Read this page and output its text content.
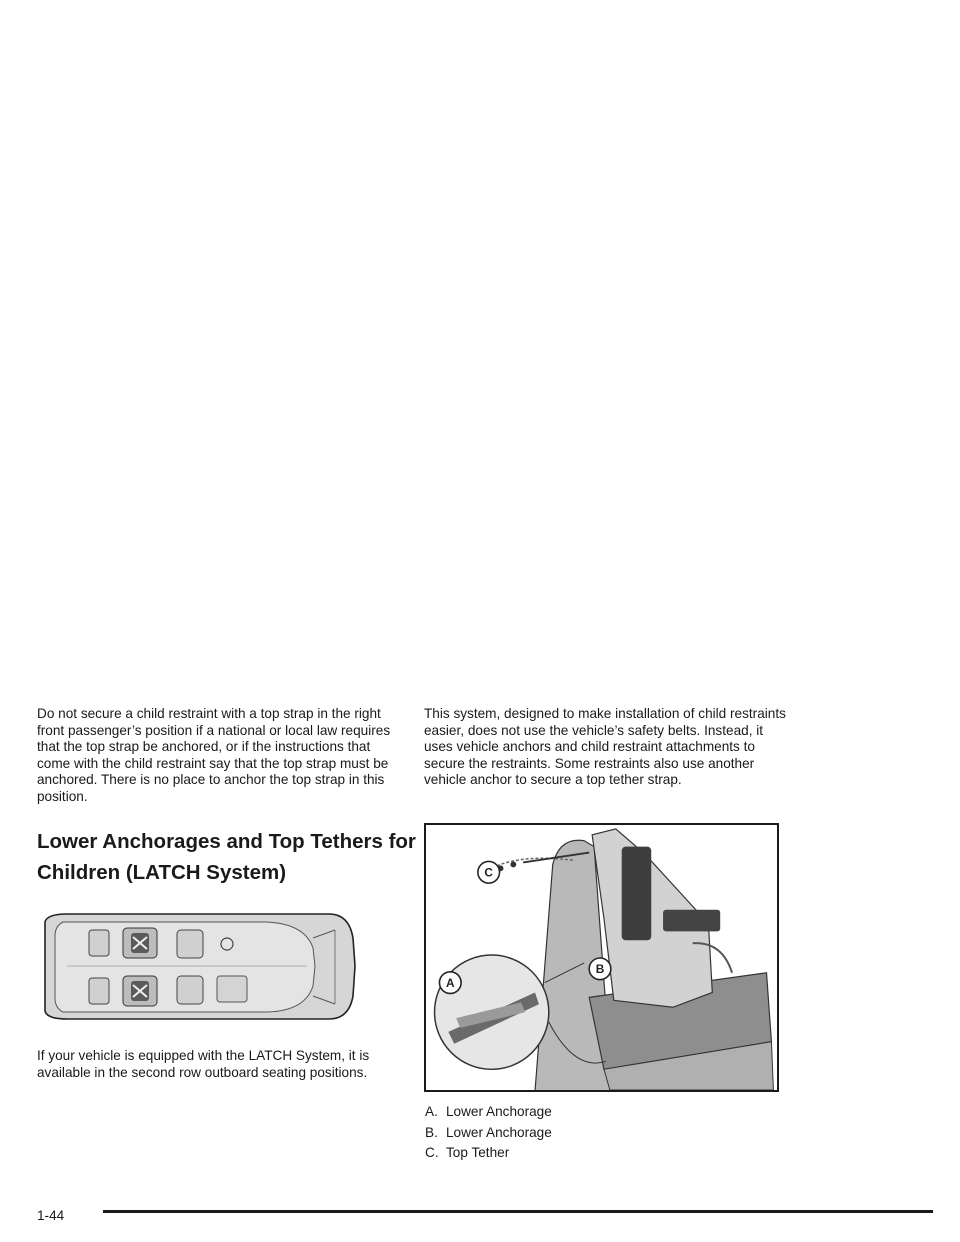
Do not secure a child restraint with a top strap in the right front passenger’s position if a national or local law requires that the top strap be anchored, or if the instructions that come with the child restraint say that the top strap must be anchored. There is no place to anchor the top strap in this position.

Lower Anchorages and Top Tethers for Children (LATCH System)

If your vehicle is equipped with the LATCH System, it is available in the second row outboard seating positions.

This system, designed to make installation of child restraints easier, does not use the vehicle’s safety belts. Instead, it uses vehicle anchors and child restraint attachments to secure the restraints. Some restraints also use another vehicle anchor to secure a top tether strap.

C
A
B
A. Lower Anchorage
B. Lower Anchorage
C. Top Tether
1-44
